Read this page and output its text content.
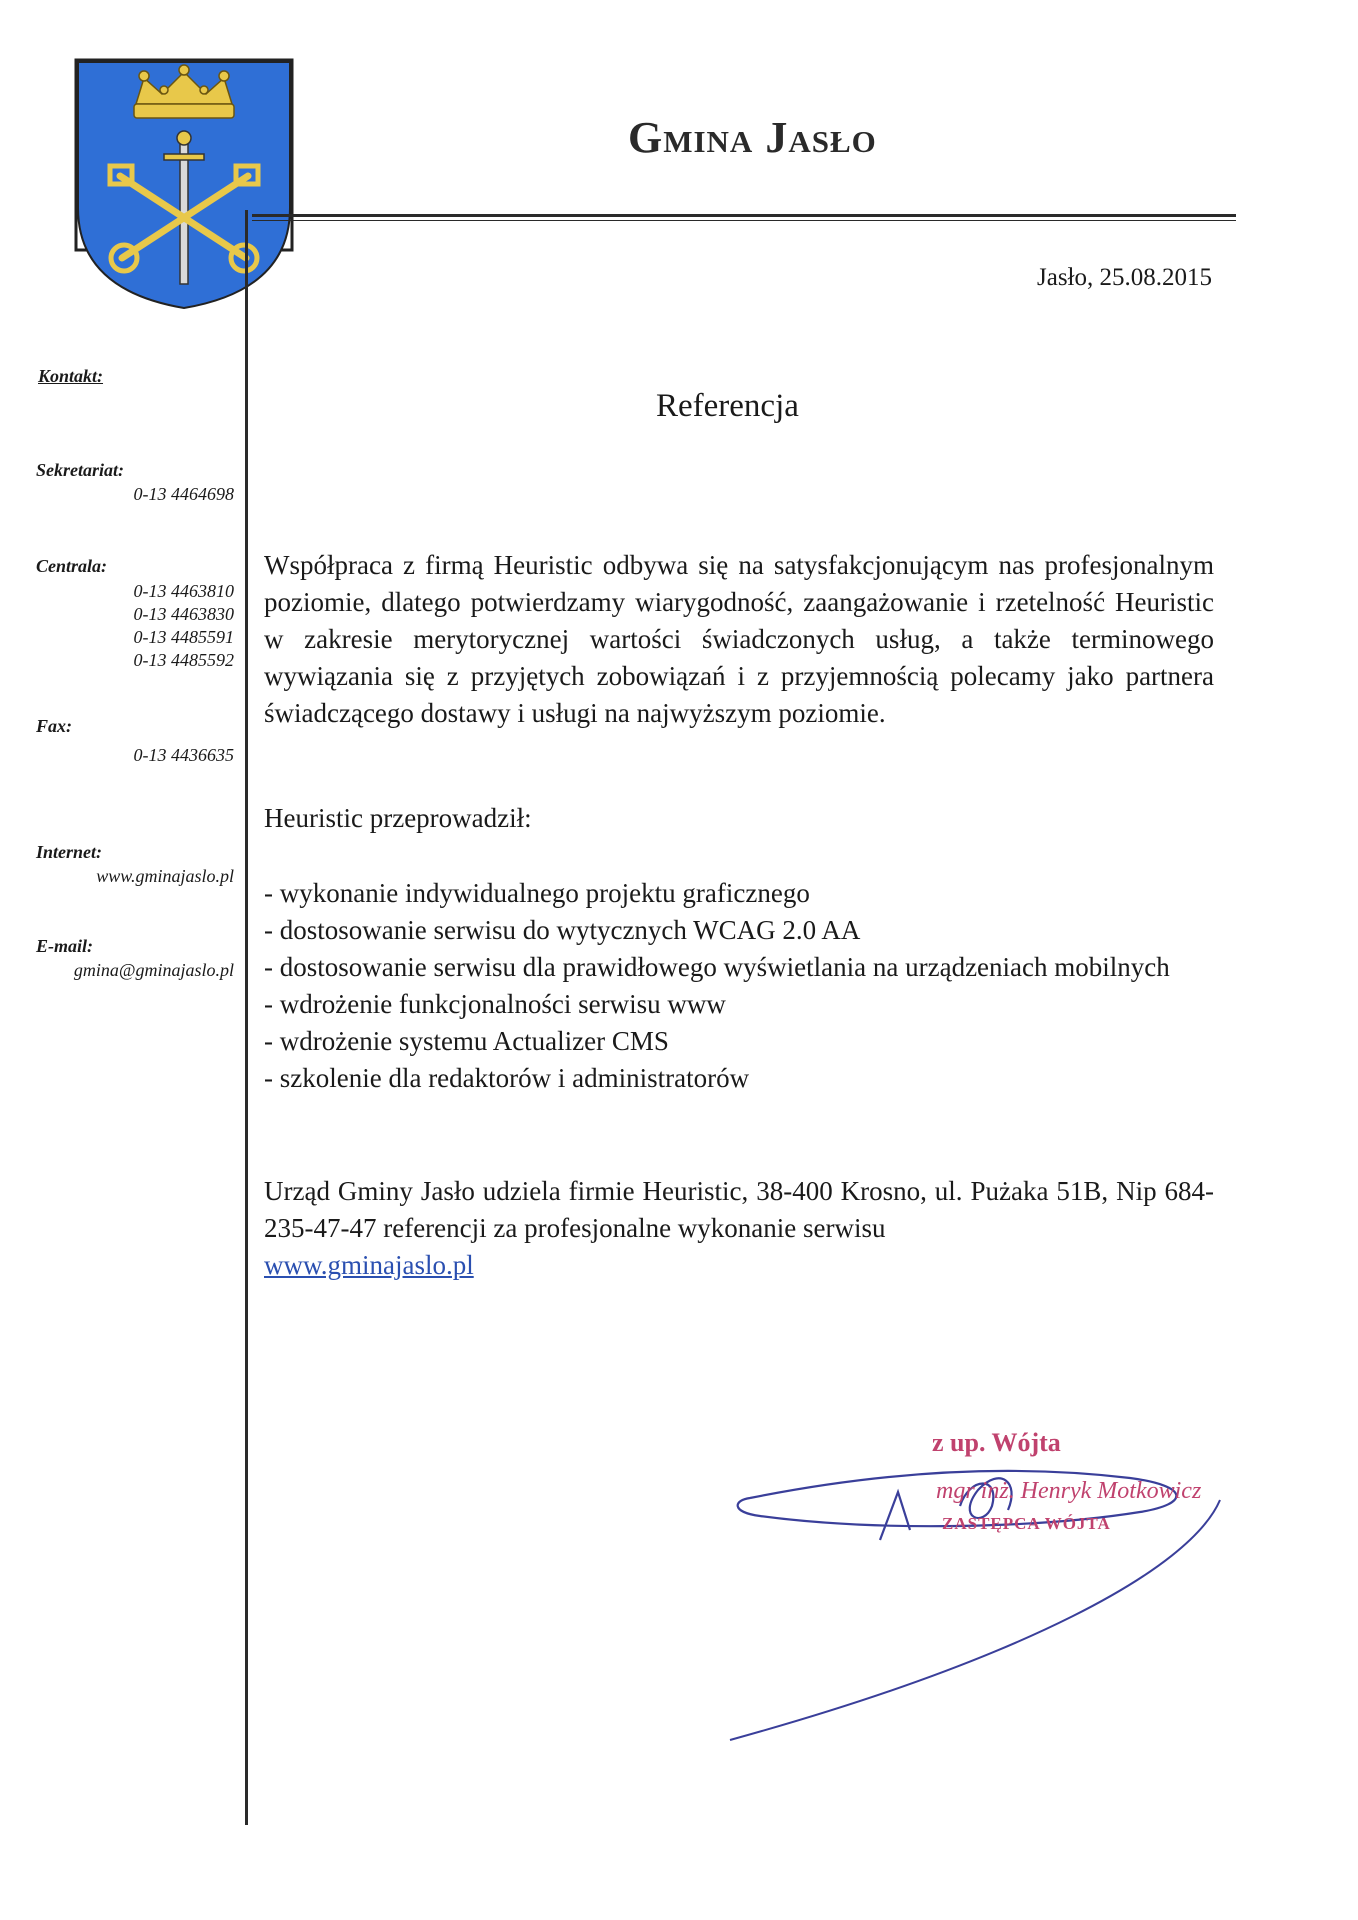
Gmina Jasło
Jasło, 25.08.2015
Kontakt:
Sekretariat:
0-13 4464698
Centrala:
0-13 4463810
0-13 4463830
0-13 4485591
0-13 4485592
Fax:
0-13 4436635
Internet:
www.gminajaslo.pl
E-mail:
gmina@gminajaslo.pl
Referencja
Współpraca z firmą Heuristic odbywa się na satysfakcjonującym nas profesjonalnym poziomie, dlatego potwierdzamy wiarygodność, zaangażowanie i rzetelność Heuristic w zakresie merytorycznej wartości świadczonych usług, a także terminowego wywiązania się z przyjętych zobowiązań i z przyjemnością polecamy jako partnera świadczącego dostawy i usługi na najwyższym poziomie.
Heuristic przeprowadził:
- wykonanie indywidualnego projektu graficznego
- dostosowanie serwisu do wytycznych WCAG 2.0 AA
- dostosowanie serwisu dla prawidłowego wyświetlania na urządzeniach mobilnych
- wdrożenie funkcjonalności serwisu www
- wdrożenie systemu Actualizer CMS
- szkolenie dla redaktorów i administratorów
Urząd Gminy Jasło udziela firmie Heuristic, 38-400 Krosno, ul. Pużaka 51B, Nip 684-235-47-47 referencji za profesjonalne wykonanie serwisu
www.gminajaslo.pl
z up. Wójta
mgr inż. Henryk Motkowicz
ZASTĘPCA WÓJTA
